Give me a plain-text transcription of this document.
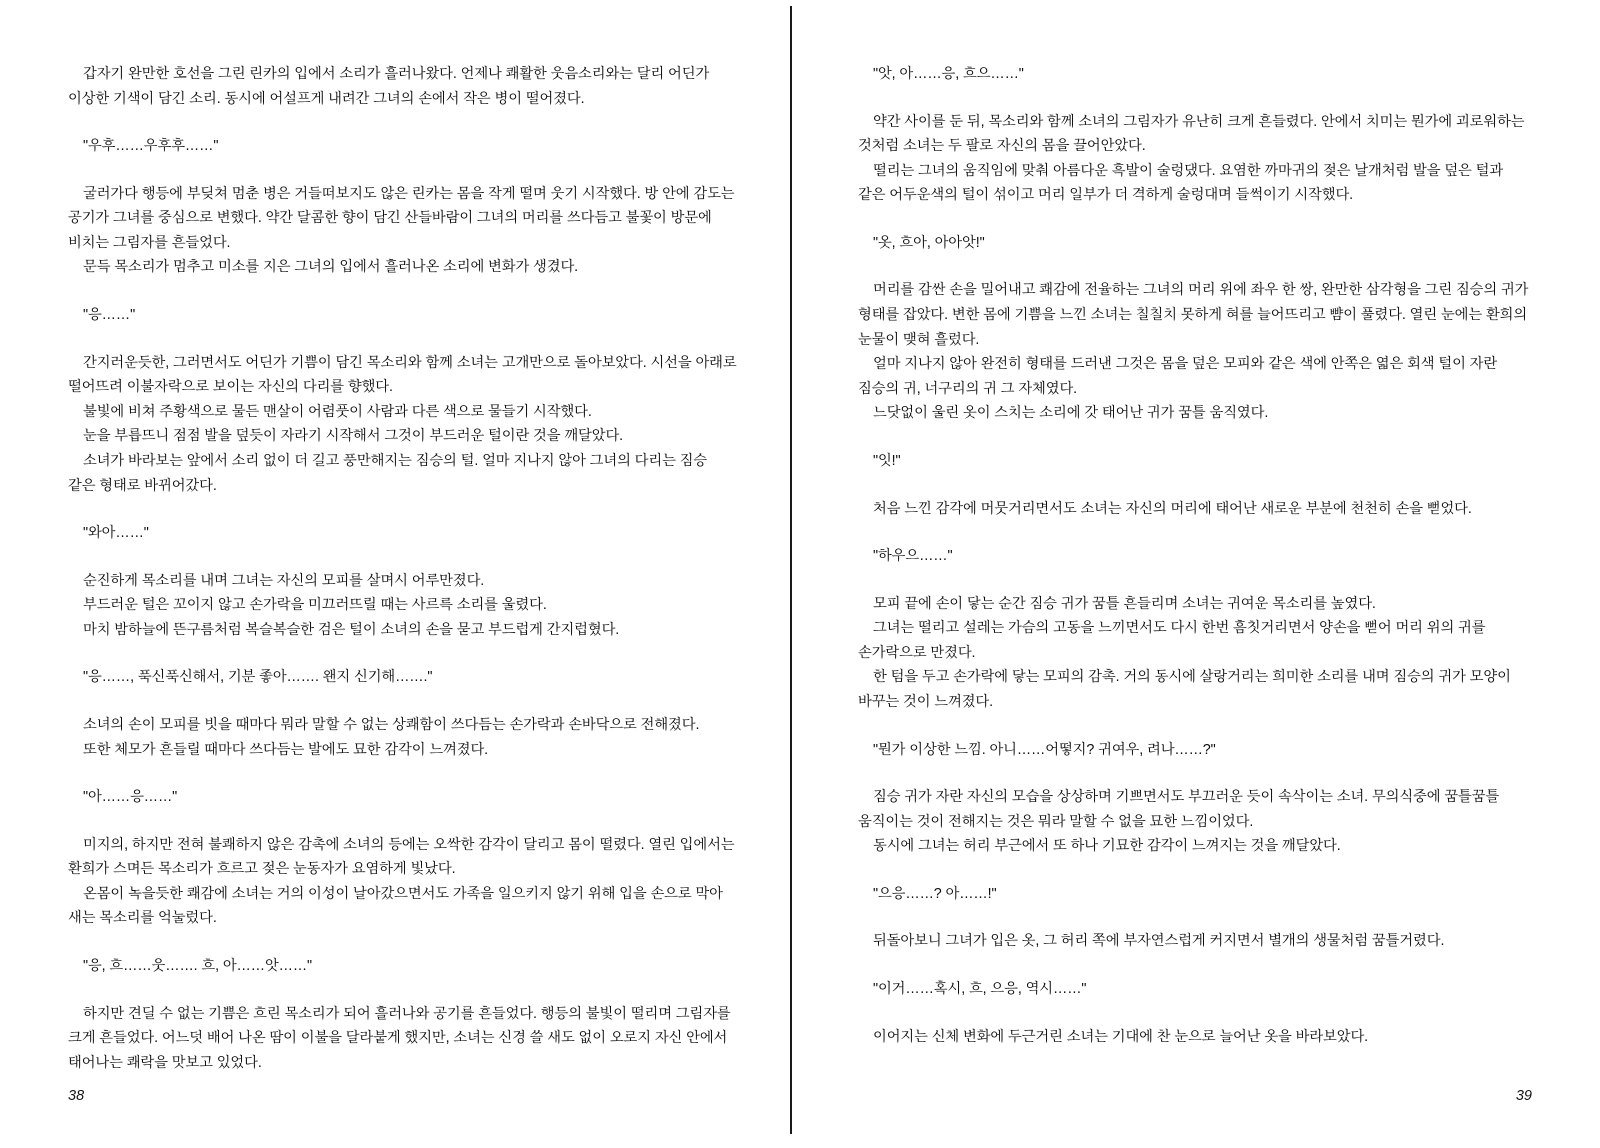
갑자기 완만한 호선을 그린 린카의 입에서 소리가 흘러나왔다. 언제나 쾌활한 웃음소리와는 달리 어딘가 이상한 기색이 담긴 소리. 동시에 어설프게 내려간 그녀의 손에서 작은 병이 떨어졌다.

"우후……우후후……"

굴러가다 행등에 부딪쳐 멈춘 병은 거들떠보지도 않은 린카는 몸을 작게 떨며 웃기 시작했다. 방 안에 감도는 공기가 그녀를 중심으로 변했다. 약간 달콤한 향이 담긴 산들바람이 그녀의 머리를 쓰다듬고 불꽃이 방문에 비치는 그림자를 흔들었다.

문득 목소리가 멈추고 미소를 지은 그녀의 입에서 흘러나온 소리에 변화가 생겼다.

"응……"

간지러운듯한, 그러면서도 어딘가 기쁨이 담긴 목소리와 함께 소녀는 고개만으로 돌아보았다. 시선을 아래로 떨어뜨려 이불자락으로 보이는 자신의 다리를 향했다.

불빛에 비쳐 주황색으로 물든 맨살이 어렴풋이 사람과 다른 색으로 물들기 시작했다.

눈을 부릅뜨니 점점 발을 덮듯이 자라기 시작해서 그것이 부드러운 털이란 것을 깨달았다.

소녀가 바라보는 앞에서 소리 없이 더 길고 풍만해지는 짐승의 털. 얼마 지나지 않아 그녀의 다리는 짐승 같은 형태로 바뀌어갔다.

"와아……"

순진하게 목소리를 내며 그녀는 자신의 모피를 살며시 어루만졌다.

부드러운 털은 꼬이지 않고 손가락을 미끄러뜨릴 때는 사르륵 소리를 울렸다.

마치 밤하늘에 뜬구름처럼 복슬복슬한 검은 털이 소녀의 손을 묻고 부드럽게 간지럽혔다.

"응……, 푹신푹신해서, 기분 좋아……. 왠지 신기해……."

소녀의 손이 모피를 빗을 때마다 뭐라 말할 수 없는 상쾌함이 쓰다듬는 손가락과 손바닥으로 전해졌다.

또한 체모가 흔들릴 때마다 쓰다듬는 발에도 묘한 감각이 느껴졌다.

"아……응……"

미지의, 하지만 전혀 불쾌하지 않은 감촉에 소녀의 등에는 오싹한 감각이 달리고 몸이 떨렸다. 열린 입에서는 환희가 스며든 목소리가 흐르고 젖은 눈동자가 요염하게 빛났다.

온몸이 녹을듯한 쾌감에 소녀는 거의 이성이 날아갔으면서도 가족을 일으키지 않기 위해 입을 손으로 막아 새는 목소리를 억눌렀다.

"응, 흐……웃……. 흐, 아……앗……"

하지만 견딜 수 없는 기쁨은 흐린 목소리가 되어 흘러나와 공기를 흔들었다. 행등의 불빛이 떨리며 그림자를 크게 흔들었다. 어느덧 배어 나온 땀이 이불을 달라붙게 했지만, 소녀는 신경 쓸 새도 없이 오로지 자신 안에서 태어나는 쾌락을 맛보고 있었다.

38

"앗, 아……응, 흐으……"

약간 사이를 둔 뒤, 목소리와 함께 소녀의 그림자가 유난히 크게 흔들렸다. 안에서 치미는 뭔가에 괴로워하는 것처럼 소녀는 두 팔로 자신의 몸을 끌어안았다.

떨리는 그녀의 움직임에 맞춰 아름다운 흑발이 술렁댔다. 요염한 까마귀의 젖은 날개처럼 발을 덮은 털과 같은 어두운색의 털이 섞이고 머리 일부가 더 격하게 술렁대며 들썩이기 시작했다.

"옷, 흐아, 아아앗!"

머리를 감싼 손을 밀어내고 쾌감에 전율하는 그녀의 머리 위에 좌우 한 쌍, 완만한 삼각형을 그린 짐승의 귀가 형태를 잡았다. 변한 몸에 기쁨을 느낀 소녀는 칠칠치 못하게 혀를 늘어뜨리고 뺨이 풀렸다. 열린 눈에는 환희의 눈물이 맺혀 흘렀다.

얼마 지나지 않아 완전히 형태를 드러낸 그것은 몸을 덮은 모피와 같은 색에 안쪽은 엷은 회색 털이 자란 짐승의 귀, 너구리의 귀 그 자체였다.

느닷없이 울린 옷이 스치는 소리에 갓 태어난 귀가 꿈틀 움직였다.

"잇!"

처음 느낀 감각에 머뭇거리면서도 소녀는 자신의 머리에 태어난 새로운 부분에 천천히 손을 뻗었다.

"하우으……"

모피 끝에 손이 닿는 순간 짐승 귀가 꿈틀 흔들리며 소녀는 귀여운 목소리를 높였다.

그녀는 떨리고 설레는 가슴의 고동을 느끼면서도 다시 한번 흠칫거리면서 양손을 뻗어 머리 위의 귀를 손가락으로 만졌다.

한 텀을 두고 손가락에 닿는 모피의 감촉. 거의 동시에 살랑거리는 희미한 소리를 내며 짐승의 귀가 모양이 바꾸는 것이 느껴졌다.

"뭔가 이상한 느낌. 아니……어떻지? 귀여우, 려나……?"

짐승 귀가 자란 자신의 모습을 상상하며 기쁘면서도 부끄러운 듯이 속삭이는 소녀. 무의식중에 꿈틀꿈틀 움직이는 것이 전해지는 것은 뭐라 말할 수 없을 묘한 느낌이었다.

동시에 그녀는 허리 부근에서 또 하나 기묘한 감각이 느껴지는 것을 깨달았다.

"으응……? 아……!"

뒤돌아보니 그녀가 입은 옷, 그 허리 쪽에 부자연스럽게 커지면서 별개의 생물처럼 꿈틀거렸다.

"이거……혹시, 흐, 으응, 역시……"

이어지는 신체 변화에 두근거린 소녀는 기대에 찬 눈으로 늘어난 옷을 바라보았다.

39
